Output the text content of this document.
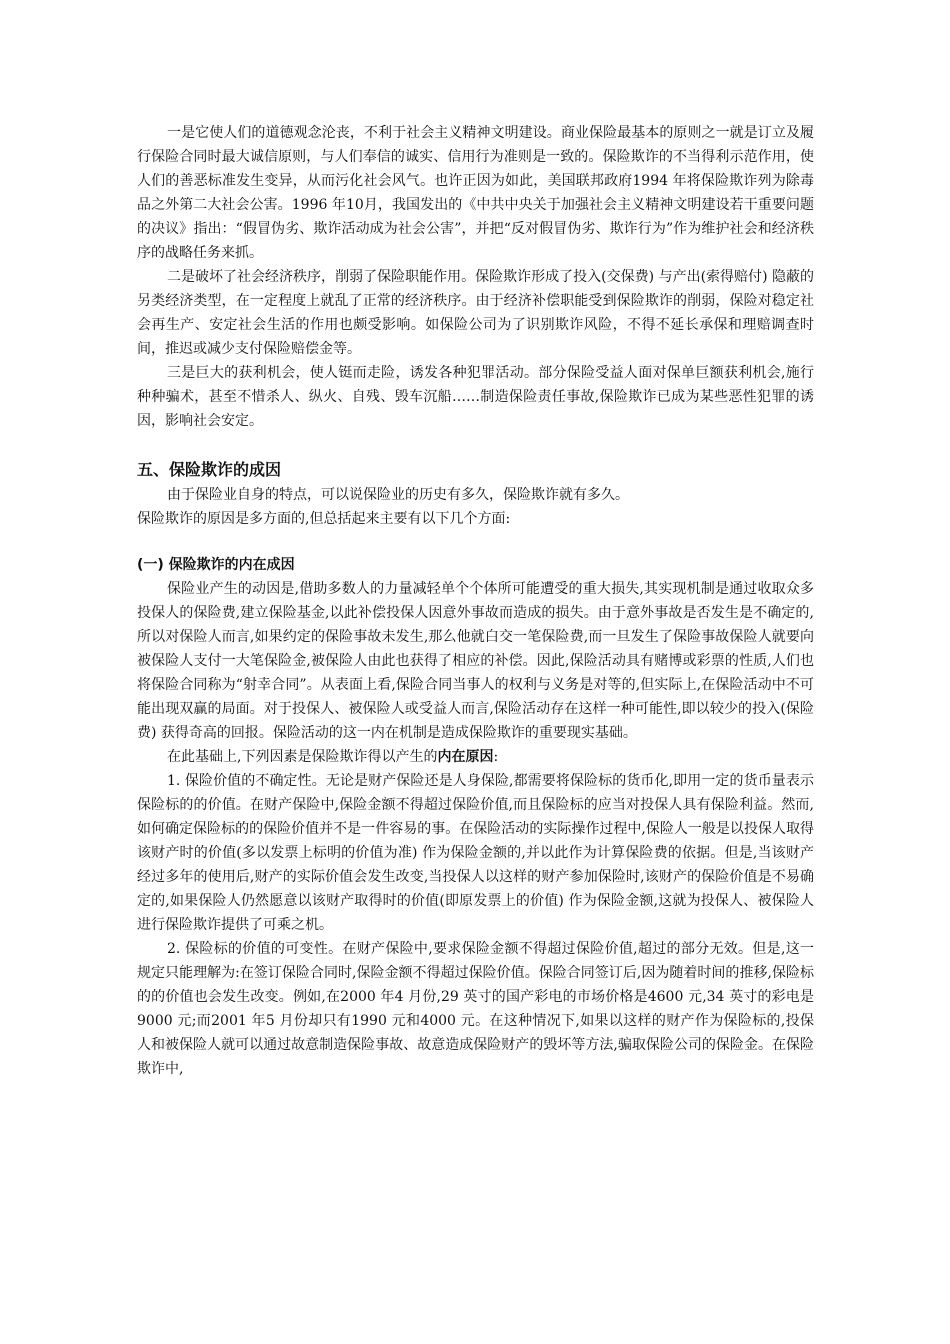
一是它使人们的道德观念沦丧，不利于社会主义精神文明建设。商业保险最基本的原则之一就是订立及履行保险合同时最大诚信原则，与人们奉信的诚实、信用行为准则是一致的。保险欺诈的不当得利示范作用，使人们的善恶标准发生变异，从而污化社会风气。也许正因为如此，美国联邦政府1994 年将保险欺诈列为除毒品之外第二大社会公害。1996 年10月，我国发出的《中共中央关于加强社会主义精神文明建设若干重要问题的决议》指出：“假冒伪劣、欺诈活动成为社会公害”，并把“反对假冒伪劣、欺诈行为”作为维护社会和经济秩序的战略任务来抓。

二是破坏了社会经济秩序，削弱了保险职能作用。保险欺诈形成了投入(交保费) 与产出(索得赔付) 隐蔽的另类经济类型，在一定程度上就乱了正常的经济秩序。由于经济补偿职能受到保险欺诈的削弱，保险对稳定社会再生产、安定社会生活的作用也颇受影响。如保险公司为了识别欺诈风险，不得不延长承保和理赔调查时间，推迟或减少支付保险赔偿金等。

三是巨大的获利机会，使人铤而走险，诱发各种犯罪活动。部分保险受益人面对保单巨额获利机会,施行种种骗术，甚至不惜杀人、纵火、自残、毁车沉船……制造保险责任事故,保险欺诈已成为某些恶性犯罪的诱因，影响社会安定。

五、保险欺诈的成因

由于保险业自身的特点，可以说保险业的历史有多久，保险欺诈就有多久。

保险欺诈的原因是多方面的,但总括起来主要有以下几个方面:

(一) 保险欺诈的内在成因

保险业产生的动因是,借助多数人的力量减轻单个个体所可能遭受的重大损失,其实现机制是通过收取众多投保人的保险费,建立保险基金,以此补偿投保人因意外事故而造成的损失。由于意外事故是否发生是不确定的,所以对保险人而言,如果约定的保险事故未发生,那么他就白交一笔保险费,而一旦发生了保险事故保险人就要向被保险人支付一大笔保险金,被保险人由此也获得了相应的补偿。因此,保险活动具有赌博或彩票的性质,人们也将保险合同称为“射幸合同”。从表面上看,保险合同当事人的权利与义务是对等的,但实际上,在保险活动中不可能出现双赢的局面。对于投保人、被保险人或受益人而言,保险活动存在这样一种可能性,即以较少的投入(保险费) 获得奇高的回报。保险活动的这一内在机制是造成保险欺诈的重要现实基础。

在此基础上,下列因素是保险欺诈得以产生的内在原因:

1. 保险价值的不确定性。无论是财产保险还是人身保险,都需要将保险标的货币化,即用一定的货币量表示保险标的的价值。在财产保险中,保险金额不得超过保险价值,而且保险标的应当对投保人具有保险利益。然而,如何确定保险标的的保险价值并不是一件容易的事。在保险活动的实际操作过程中,保险人一般是以投保人取得该财产时的价值(多以发票上标明的价值为准) 作为保险金额的,并以此作为计算保险费的依据。但是,当该财产经过多年的使用后,财产的实际价值会发生改变,当投保人以这样的财产参加保险时,该财产的保险价值是不易确定的,如果保险人仍然愿意以该财产取得时的价值(即原发票上的价值) 作为保险金额,这就为投保人、被保险人进行保险欺诈提供了可乘之机。

2. 保险标的价值的可变性。在财产保险中,要求保险金额不得超过保险价值,超过的部分无效。但是,这一规定只能理解为:在签订保险合同时,保险金额不得超过保险价值。保险合同签订后,因为随着时间的推移,保险标的的价值也会发生改变。例如,在2000 年4 月份,29 英寸的国产彩电的市场价格是4600 元,34 英寸的彩电是9000 元;而2001 年5 月份却只有1990 元和4000 元。在这种情况下,如果以这样的财产作为保险标的,投保人和被保险人就可以通过故意制造保险事故、故意造成保险财产的毁坏等方法,骗取保险公司的保险金。在保险欺诈中,
